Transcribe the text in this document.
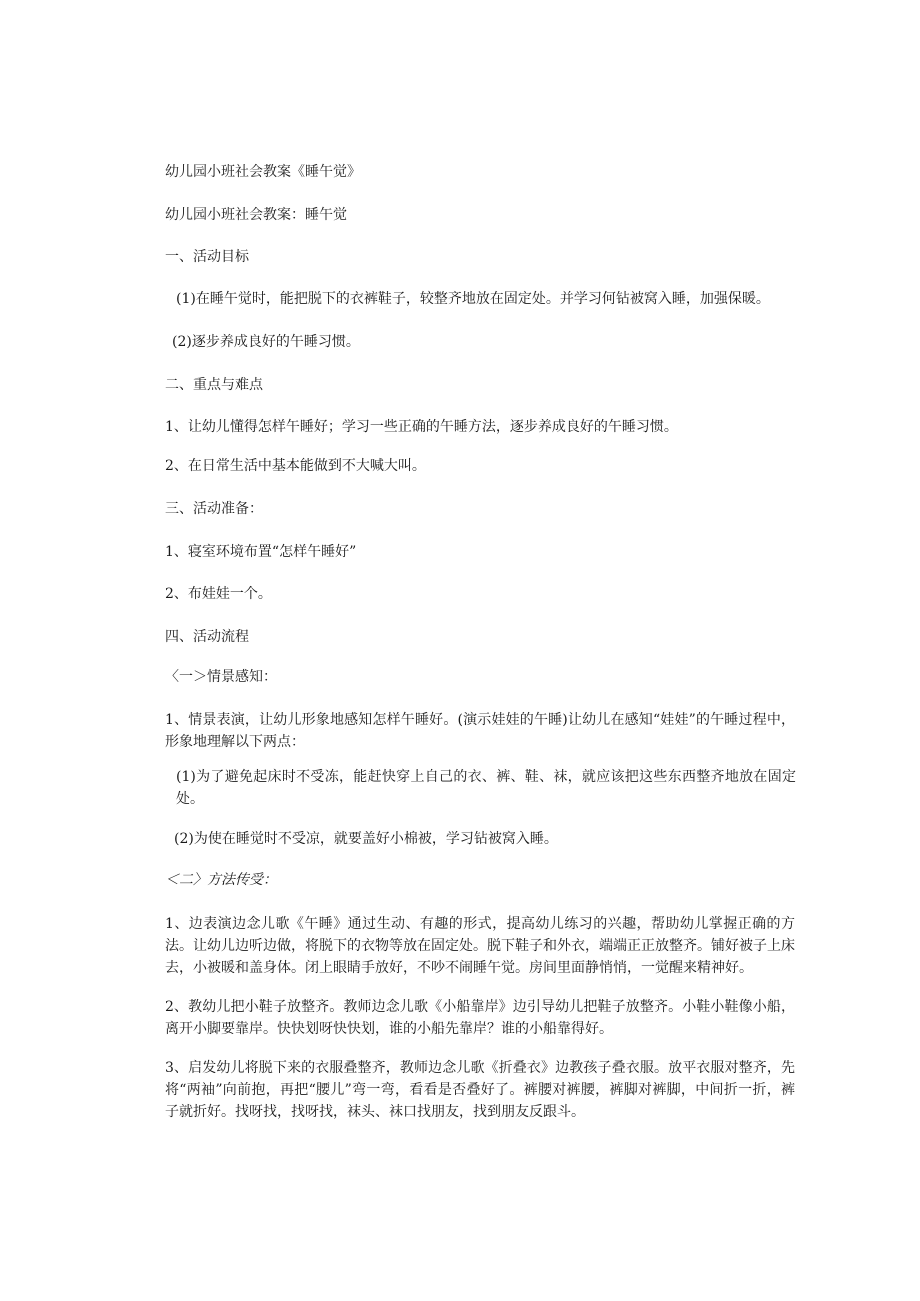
幼儿园小班社会教案《睡午觉》
幼儿园小班社会教案：睡午觉
一、活动目标
(1)在睡午觉时，能把脱下的衣裤鞋子，较整齐地放在固定处。并学习何钻被窝入睡，加强保暖。
(2)逐步养成良好的午睡习惯。
二、重点与难点
1、让幼儿懂得怎样午睡好；学习一些正确的午睡方法，逐步养成良好的午睡习惯。
2、在日常生活中基本能做到不大喊大叫。
三、活动准备：
1、寝室环境布置“怎样午睡好”
2、布娃娃一个。
四、活动流程
〈一＞情景感知：
1、情景表演，让幼儿形象地感知怎样午睡好。(演示娃娃的午睡)让幼儿在感知“娃娃”的午睡过程中，形象地理解以下两点：
(1)为了避免起床时不受冻，能赶快穿上自己的衣、裤、鞋、袜，就应该把这些东西整齐地放在固定处。
(2)为使在睡觉时不受凉，就要盖好小棉被，学习钻被窝入睡。
＜二〉方法传受：
1、边表演边念儿歌《午睡》通过生动、有趣的形式，提高幼儿练习的兴趣，帮助幼儿掌握正确的方法。让幼儿边听边做，将脱下的衣物等放在固定处。脱下鞋子和外衣，端端正正放整齐。铺好被子上床去，小被暖和盖身体。闭上眼睛手放好，不吵不闹睡午觉。房间里面静悄悄，一觉醒来精神好。
2、教幼儿把小鞋子放整齐。教师边念儿歌《小船靠岸》边引导幼儿把鞋子放整齐。小鞋小鞋像小船，离开小脚要靠岸。快快划呀快快划，谁的小船先靠岸？谁的小船靠得好。
3、启发幼儿将脱下来的衣服叠整齐，教师边念儿歌《折叠衣》边教孩子叠衣服。放平衣服对整齐，先将“两袖”向前抱，再把“腰儿”弯一弯，看看是否叠好了。裤腰对裤腰，裤脚对裤脚，中间折一折，裤子就折好。找呀找，找呀找，袜头、袜口找朋友，找到朋友反跟斗。
